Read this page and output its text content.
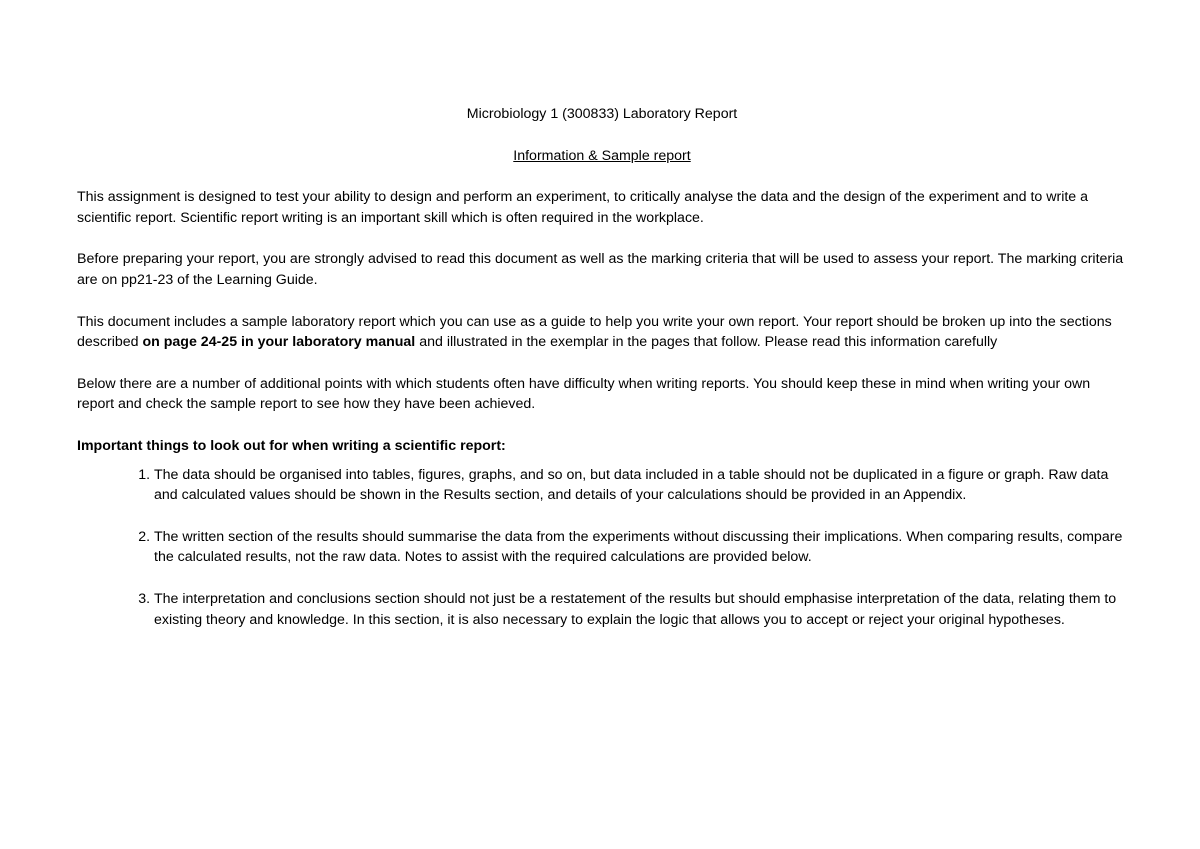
Microbiology 1 (300833) Laboratory Report

Information & Sample report

This assignment is designed to test your ability to design and perform an experiment, to critically analyse the data and the design of the experiment and to write a scientific report. Scientific report writing is an important skill which is often required in the workplace.

Before preparing your report, you are strongly advised to read this document as well as the marking criteria that will be used to assess your report. The marking criteria are on pp21-23 of the Learning Guide.

This document includes a sample laboratory report which you can use as a guide to help you write your own report. Your report should be broken up into the sections described on page 24-25 in your laboratory manual and illustrated in the exemplar in the pages that follow. Please read this information carefully

Below there are a number of additional points with which students often have difficulty when writing reports. You should keep these in mind when writing your own report and check the sample report to see how they have been achieved.

Important things to look out for when writing a scientific report:

1. The data should be organised into tables, figures, graphs, and so on, but data included in a table should not be duplicated in a figure or graph. Raw data and calculated values should be shown in the Results section, and details of your calculations should be provided in an Appendix.
2. The written section of the results should summarise the data from the experiments without discussing their implications. When comparing results, compare the calculated results, not the raw data. Notes to assist with the required calculations are provided below.
3. The interpretation and conclusions section should not just be a restatement of the results but should emphasise interpretation of the data, relating them to existing theory and knowledge. In this section, it is also necessary to explain the logic that allows you to accept or reject your original hypotheses.
